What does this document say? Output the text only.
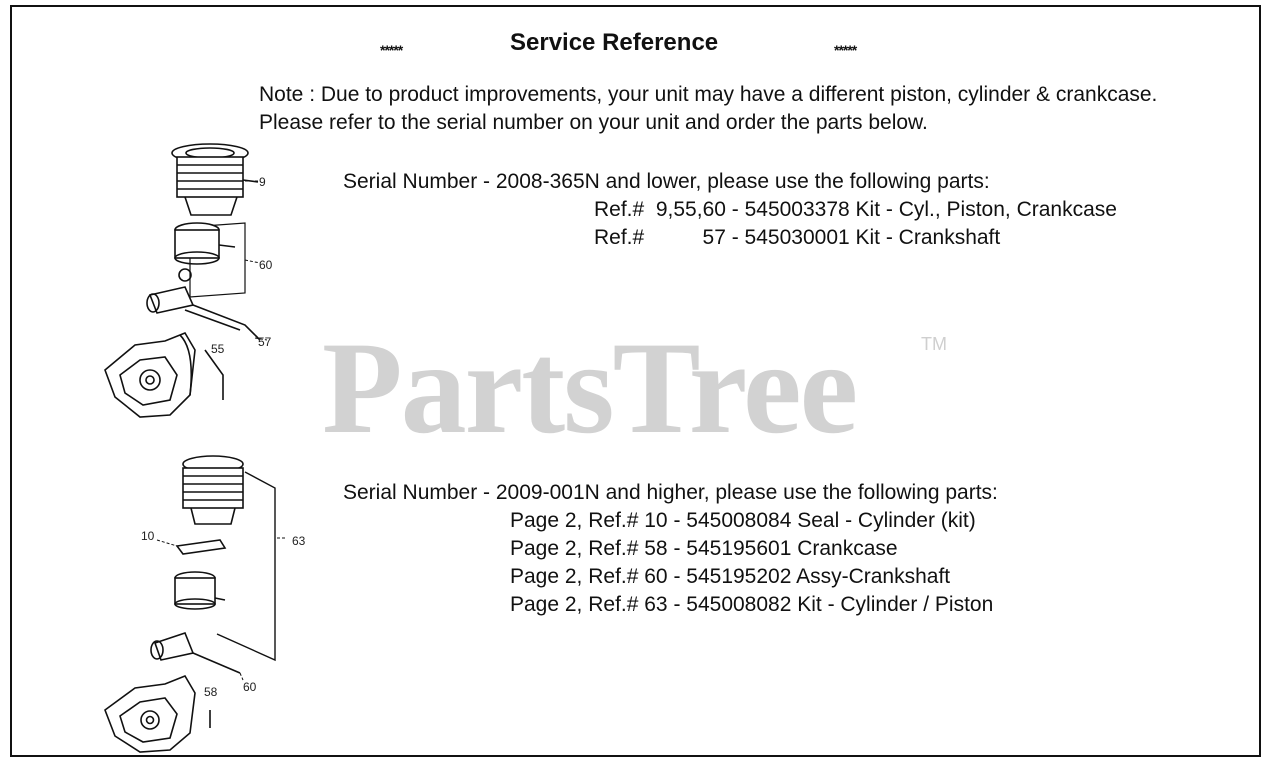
*****	Service Reference	*****
Note : Due to product improvements, your unit may have a different piston, cylinder & crankcase.
Please refer to the serial number on your unit and order the parts below.
PartsTree	TM
Serial Number - 2008-365N and lower, please use the following parts:
Ref.#  9,55,60 - 545003378 Kit - Cyl., Piston, Crankcase
Ref.#          57 - 545030001 Kit - Crankshaft
Serial Number - 2009-001N and higher, please use the following parts:
Page 2, Ref.# 10 - 545008084 Seal - Cylinder (kit)
Page 2, Ref.# 58 - 545195601 Crankcase
Page 2, Ref.# 60 - 545195202 Assy-Crankshaft
Page 2, Ref.# 63 - 545008082 Kit - Cylinder / Piston
9
60
57
55
10	63
58 60
